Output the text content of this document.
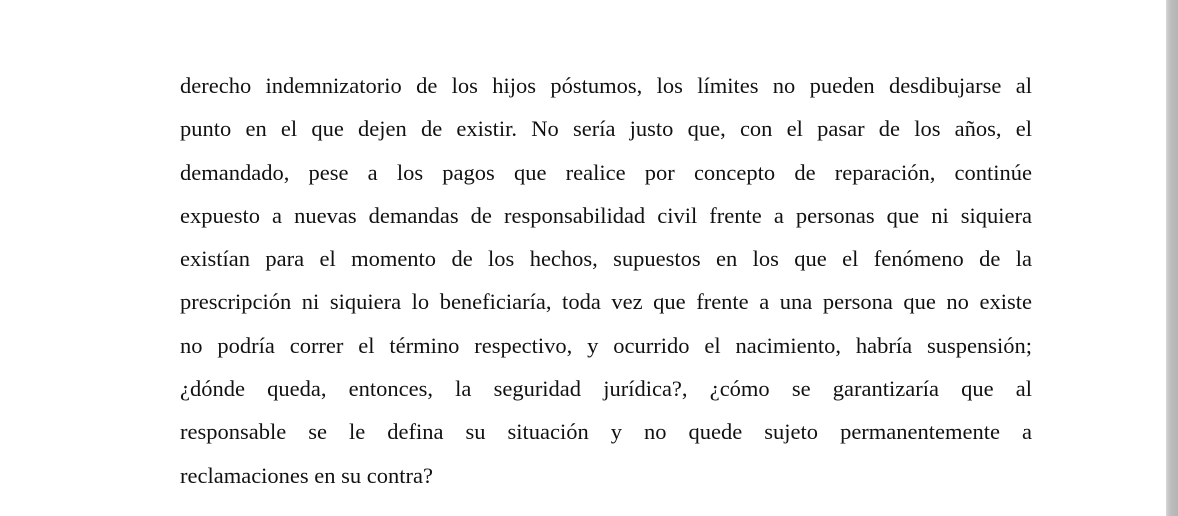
derecho indemnizatorio de los hijos póstumos, los límites no pueden desdibujarse al
punto en el que dejen de existir. No sería justo que, con el pasar de los años, el
demandado, pese a los pagos que realice por concepto de reparación, continúe
expuesto a nuevas demandas de responsabilidad civil frente a personas que ni siquiera
existían para el momento de los hechos, supuestos en los que el fenómeno de la
prescripción ni siquiera lo beneficiaría, toda vez que frente a una persona que no existe
no podría correr el término respectivo, y ocurrido el nacimiento, habría suspensión;
¿dónde queda, entonces, la seguridad jurídica?, ¿cómo se garantizaría que al
responsable se le defina su situación y no quede sujeto permanentemente a
reclamaciones en su contra?
